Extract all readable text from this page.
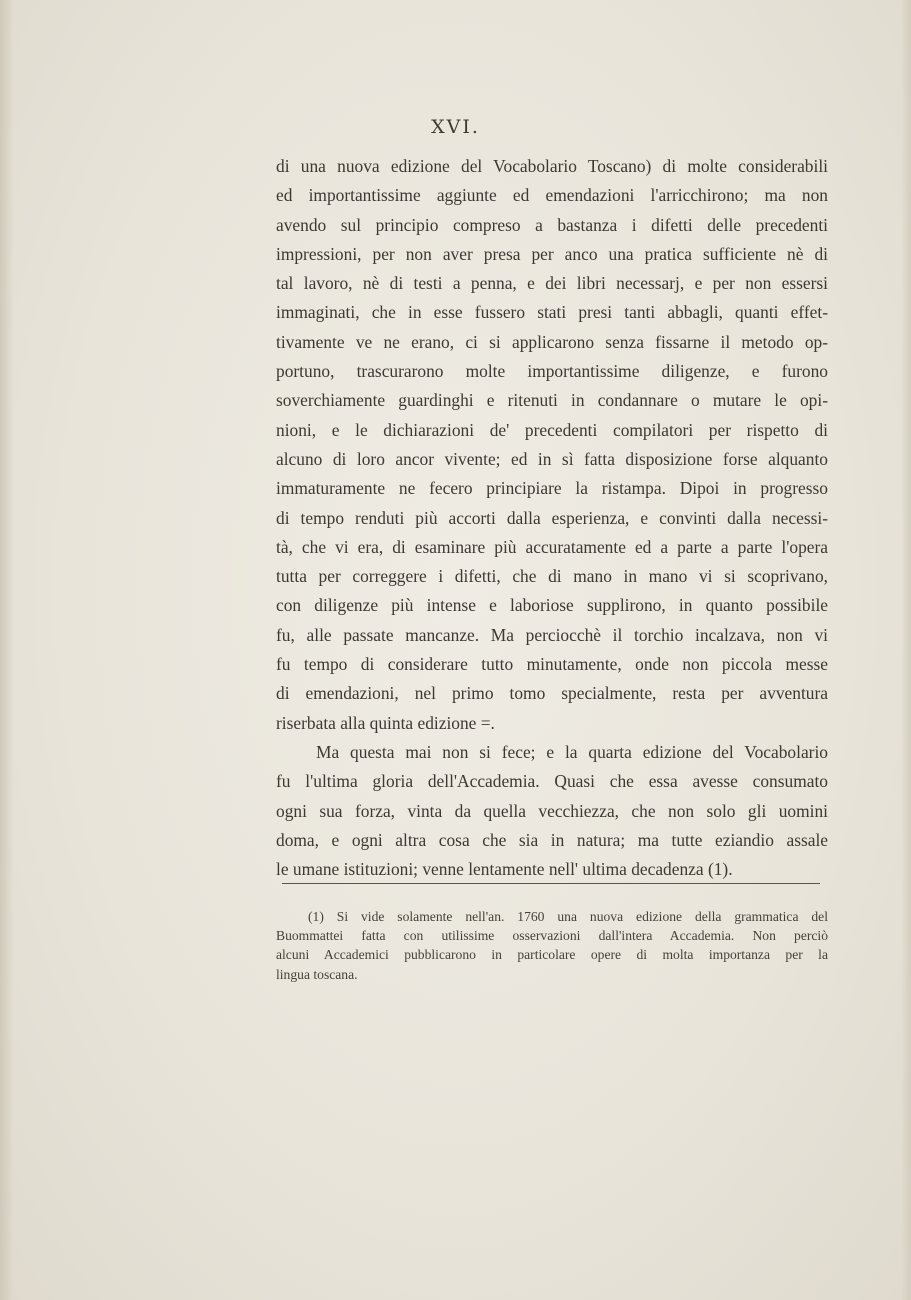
XVI.
di una nuova edizione del Vocabolario Toscano) di molte considerabili
ed importantissime aggiunte ed emendazioni l'arricchirono; ma non
avendo sul principio compreso a bastanza i difetti delle precedenti
impressioni, per non aver presa per anco una pratica sufficiente nè di
tal lavoro, nè di testi a penna, e dei libri necessarj, e per non essersi
immaginati, che in esse fussero stati presi tanti abbagli, quanti effet-
tivamente ve ne erano, ci si applicarono senza fissarne il metodo op-
portuno, trascurarono molte importantissime diligenze, e furono
soverchiamente guardinghi e ritenuti in condannare o mutare le opi-
nioni, e le dichiarazioni de' precedenti compilatori per rispetto di
alcuno di loro ancor vivente; ed in sì fatta disposizione forse alquanto
immaturamente ne fecero principiare la ristampa. Dipoi in progresso
di tempo renduti più accorti dalla esperienza, e convinti dalla necessi-
tà, che vi era, di esaminare più accuratamente ed a parte a parte l'opera
tutta per correggere i difetti, che di mano in mano vi si scoprivano,
con diligenze più intense e laboriose supplirono, in quanto possibile
fu, alle passate mancanze. Ma perciocchè il torchio incalzava, non vi
fu tempo di considerare tutto minutamente, onde non piccola messe
di emendazioni, nel primo tomo specialmente, resta per avventura
riserbata alla quinta edizione =.
Ma questa mai non si fece; e la quarta edizione del Vocabolario
fu l'ultima gloria dell'Accademia. Quasi che essa avesse consumato
ogni sua forza, vinta da quella vecchiezza, che non solo gli uomini
doma, e ogni altra cosa che sia in natura; ma tutte eziandio assale
le umane istituzioni; venne lentamente nell' ultima decadenza (1).
(1) Si vide solamente nell'an. 1760 una nuova edizione della grammatica del
Buommattei fatta con utilissime osservazioni dall'intera Accademia. Non perciò
alcuni Accademici pubblicarono in particolare opere di molta importanza per la
lingua toscana.
